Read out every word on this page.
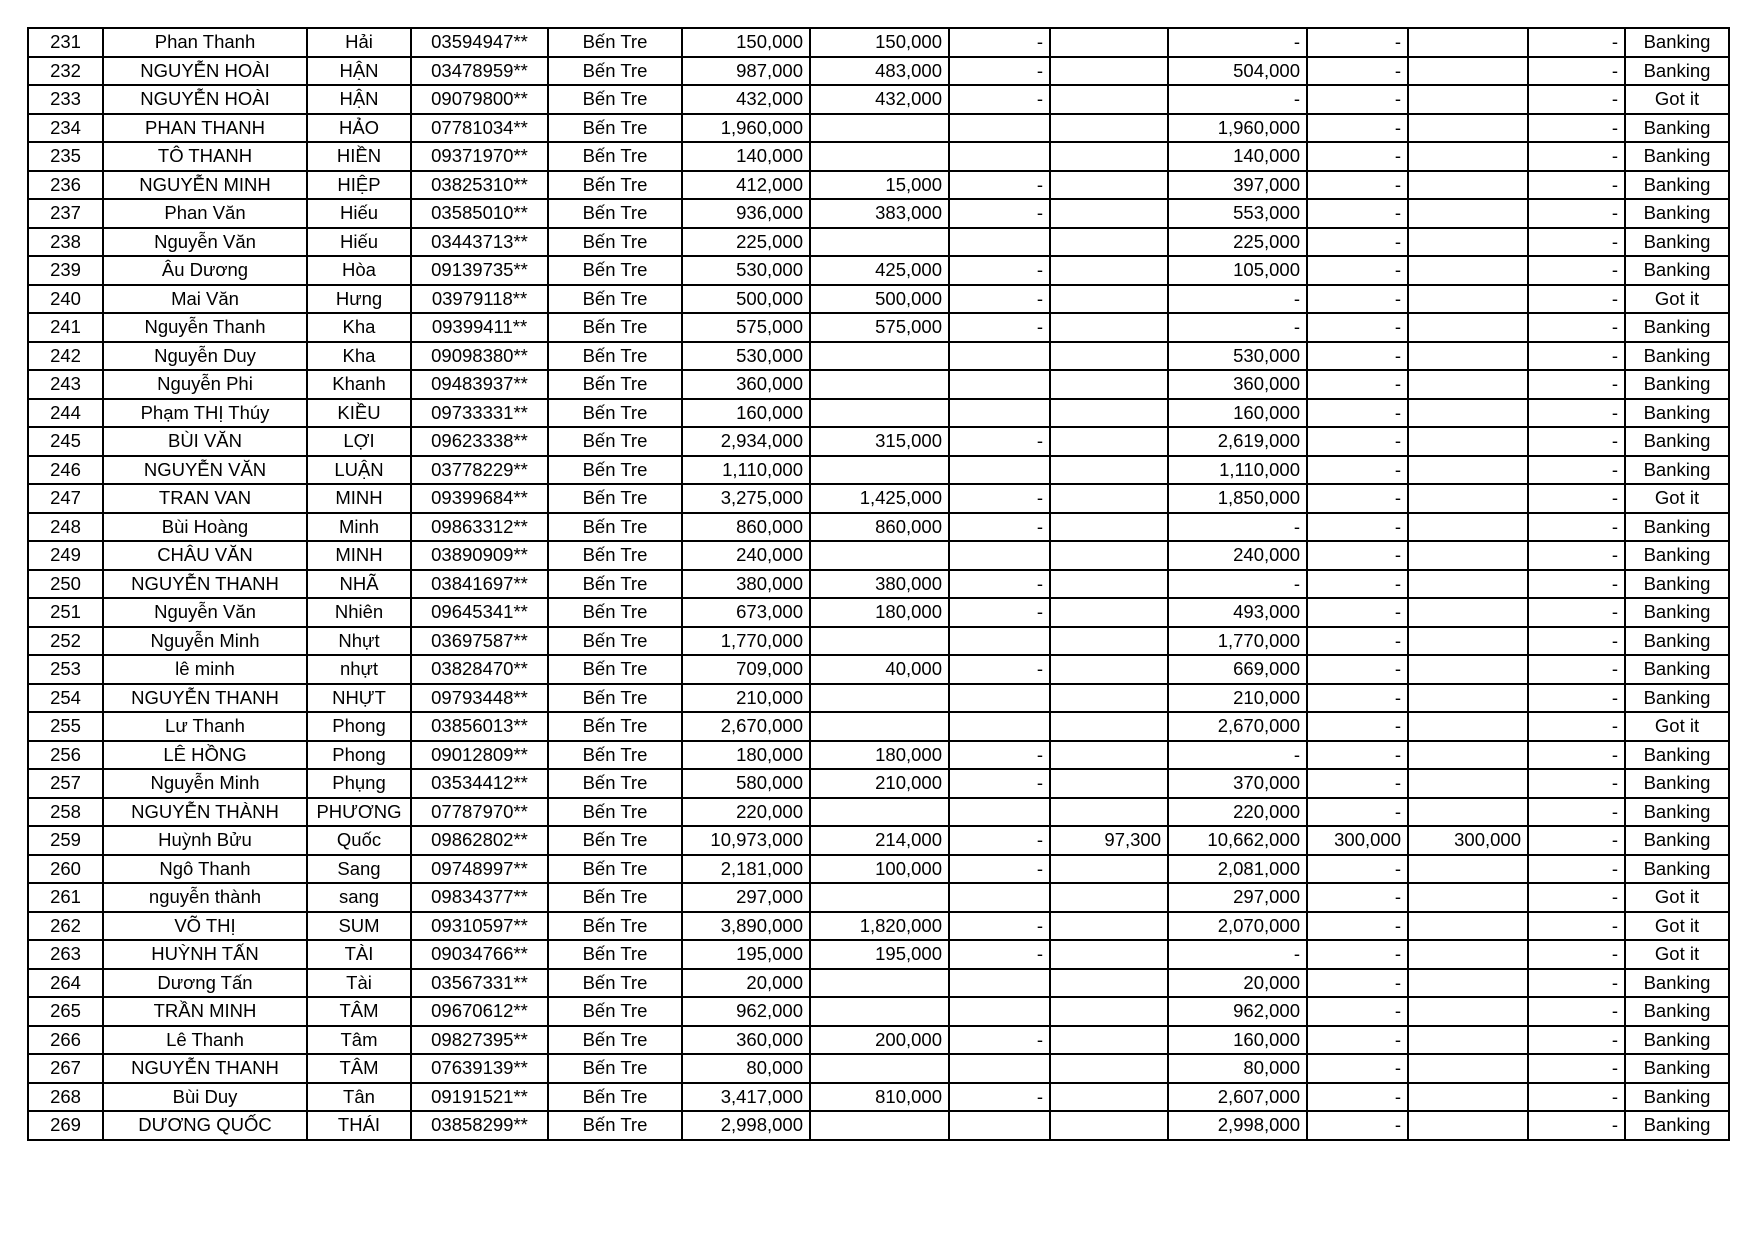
231	Phan Thanh	Hải	03594947**	Bến Tre	150,000	150,000	-		-	-		-	Banking
232	NGUYỄN HOÀI	HẬN	03478959**	Bến Tre	987,000	483,000	-		504,000	-		-	Banking
233	NGUYỄN HOÀI	HẬN	09079800**	Bến Tre	432,000	432,000	-		-	-		-	Got it
234	PHAN THANH	HẢO	07781034**	Bến Tre	1,960,000				1,960,000	-		-	Banking
235	TÔ THANH	HIỀN	09371970**	Bến Tre	140,000				140,000	-		-	Banking
236	NGUYỄN MINH	HIỆP	03825310**	Bến Tre	412,000	15,000	-		397,000	-		-	Banking
237	Phan Văn	Hiếu	03585010**	Bến Tre	936,000	383,000	-		553,000	-		-	Banking
238	Nguyễn Văn	Hiếu	03443713**	Bến Tre	225,000				225,000	-		-	Banking
239	Âu Dương	Hòa	09139735**	Bến Tre	530,000	425,000	-		105,000	-		-	Banking
240	Mai Văn	Hưng	03979118**	Bến Tre	500,000	500,000	-		-	-		-	Got it
241	Nguyễn Thanh	Kha	09399411**	Bến Tre	575,000	575,000	-		-	-		-	Banking
242	Nguyễn Duy	Kha	09098380**	Bến Tre	530,000				530,000	-		-	Banking
243	Nguyễn Phi	Khanh	09483937**	Bến Tre	360,000				360,000	-		-	Banking
244	Phạm THỊ Thúy	KIỀU	09733331**	Bến Tre	160,000				160,000	-		-	Banking
245	BÙI VĂN	LỢI	09623338**	Bến Tre	2,934,000	315,000	-		2,619,000	-		-	Banking
246	NGUYỄN VĂN	LUẬN	03778229**	Bến Tre	1,110,000				1,110,000	-		-	Banking
247	TRAN VAN	MINH	09399684**	Bến Tre	3,275,000	1,425,000	-		1,850,000	-		-	Got it
248	Bùi Hoàng	Minh	09863312**	Bến Tre	860,000	860,000	-		-	-		-	Banking
249	CHÂU VĂN	MINH	03890909**	Bến Tre	240,000				240,000	-		-	Banking
250	NGUYỄN THANH	NHÃ	03841697**	Bến Tre	380,000	380,000	-		-	-		-	Banking
251	Nguyễn Văn	Nhiên	09645341**	Bến Tre	673,000	180,000	-		493,000	-		-	Banking
252	Nguyễn Minh	Nhựt	03697587**	Bến Tre	1,770,000				1,770,000	-		-	Banking
253	lê minh	nhựt	03828470**	Bến Tre	709,000	40,000	-		669,000	-		-	Banking
254	NGUYỄN THANH	NHỰT	09793448**	Bến Tre	210,000				210,000	-		-	Banking
255	Lư Thanh	Phong	03856013**	Bến Tre	2,670,000				2,670,000	-		-	Got it
256	LÊ HỒNG	Phong	09012809**	Bến Tre	180,000	180,000	-		-	-		-	Banking
257	Nguyễn Minh	Phụng	03534412**	Bến Tre	580,000	210,000	-		370,000	-		-	Banking
258	NGUYỄN THÀNH	PHƯƠNG	07787970**	Bến Tre	220,000				220,000	-		-	Banking
259	Huỳnh Bửu	Quốc	09862802**	Bến Tre	10,973,000	214,000	-	97,300	10,662,000	300,000	300,000	-	Banking
260	Ngô Thanh	Sang	09748997**	Bến Tre	2,181,000	100,000	-		2,081,000	-		-	Banking
261	nguyễn thành	sang	09834377**	Bến Tre	297,000				297,000	-		-	Got it
262	VÕ THỊ	SUM	09310597**	Bến Tre	3,890,000	1,820,000	-		2,070,000	-		-	Got it
263	HUỲNH TẤN	TÀI	09034766**	Bến Tre	195,000	195,000	-		-	-		-	Got it
264	Dương Tấn	Tài	03567331**	Bến Tre	20,000				20,000	-		-	Banking
265	TRẦN MINH	TÂM	09670612**	Bến Tre	962,000				962,000	-		-	Banking
266	Lê Thanh	Tâm	09827395**	Bến Tre	360,000	200,000	-		160,000	-		-	Banking
267	NGUYỄN THANH	TÂM	07639139**	Bến Tre	80,000				80,000	-		-	Banking
268	Bùi Duy	Tân	09191521**	Bến Tre	3,417,000	810,000	-		2,607,000	-		-	Banking
269	DƯƠNG QUỐC	THÁI	03858299**	Bến Tre	2,998,000				2,998,000	-		-	Banking
